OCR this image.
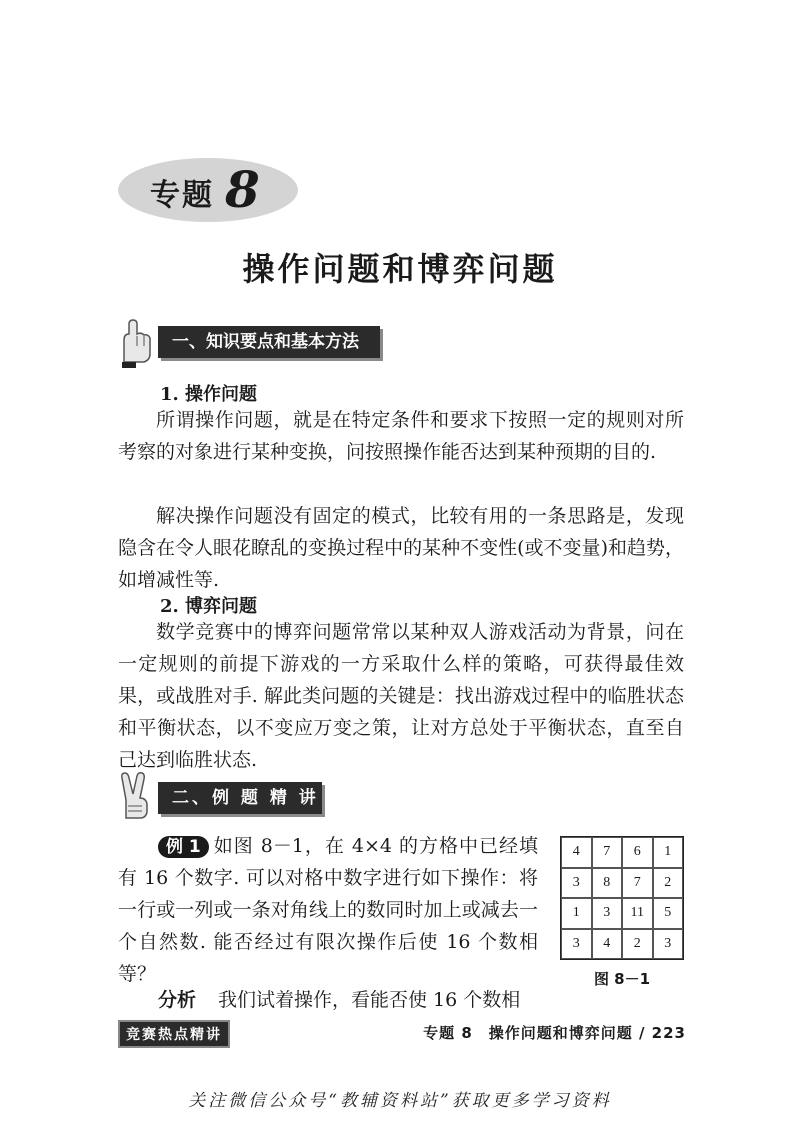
专题 8
操作问题和博弈问题
一、知识要点和基本方法
1. 操作问题
所谓操作问题，就是在特定条件和要求下按照一定的规则对所考察的对象进行某种变换，问按照操作能否达到某种预期的目的.
解决操作问题没有固定的模式，比较有用的一条思路是，发现隐含在令人眼花瞭乱的变换过程中的某种不变性(或不变量)和趋势，如增减性等.
2. 博弈问题
数学竞赛中的博弈问题常常以某种双人游戏活动为背景，问在一定规则的前提下游戏的一方采取什么样的策略，可获得最佳效果，或战胜对手. 解此类问题的关键是：找出游戏过程中的临胜状态和平衡状态，以不变应万变之策，让对方总处于平衡状态，直至自己达到临胜状态.
二、例 题 精 讲
例 1 如图 8－1，在 4×4 的方格中已经填有 16 个数字. 可以对格中数字进行如下操作：将一行或一列或一条对角线上的数同时加上或减去一个自然数. 能否经过有限次操作后使 16 个数相等？
分析 我们试着操作，看能否使 16 个数相
4	7	6	1
3	8	7	2
1	3	11	5
3	4	2	3
图 8－1
竞赛热点精讲	专题 8　操作问题和博弈问题 / 223
关注微信公众号“教辅资料站”获取更多学习资料
